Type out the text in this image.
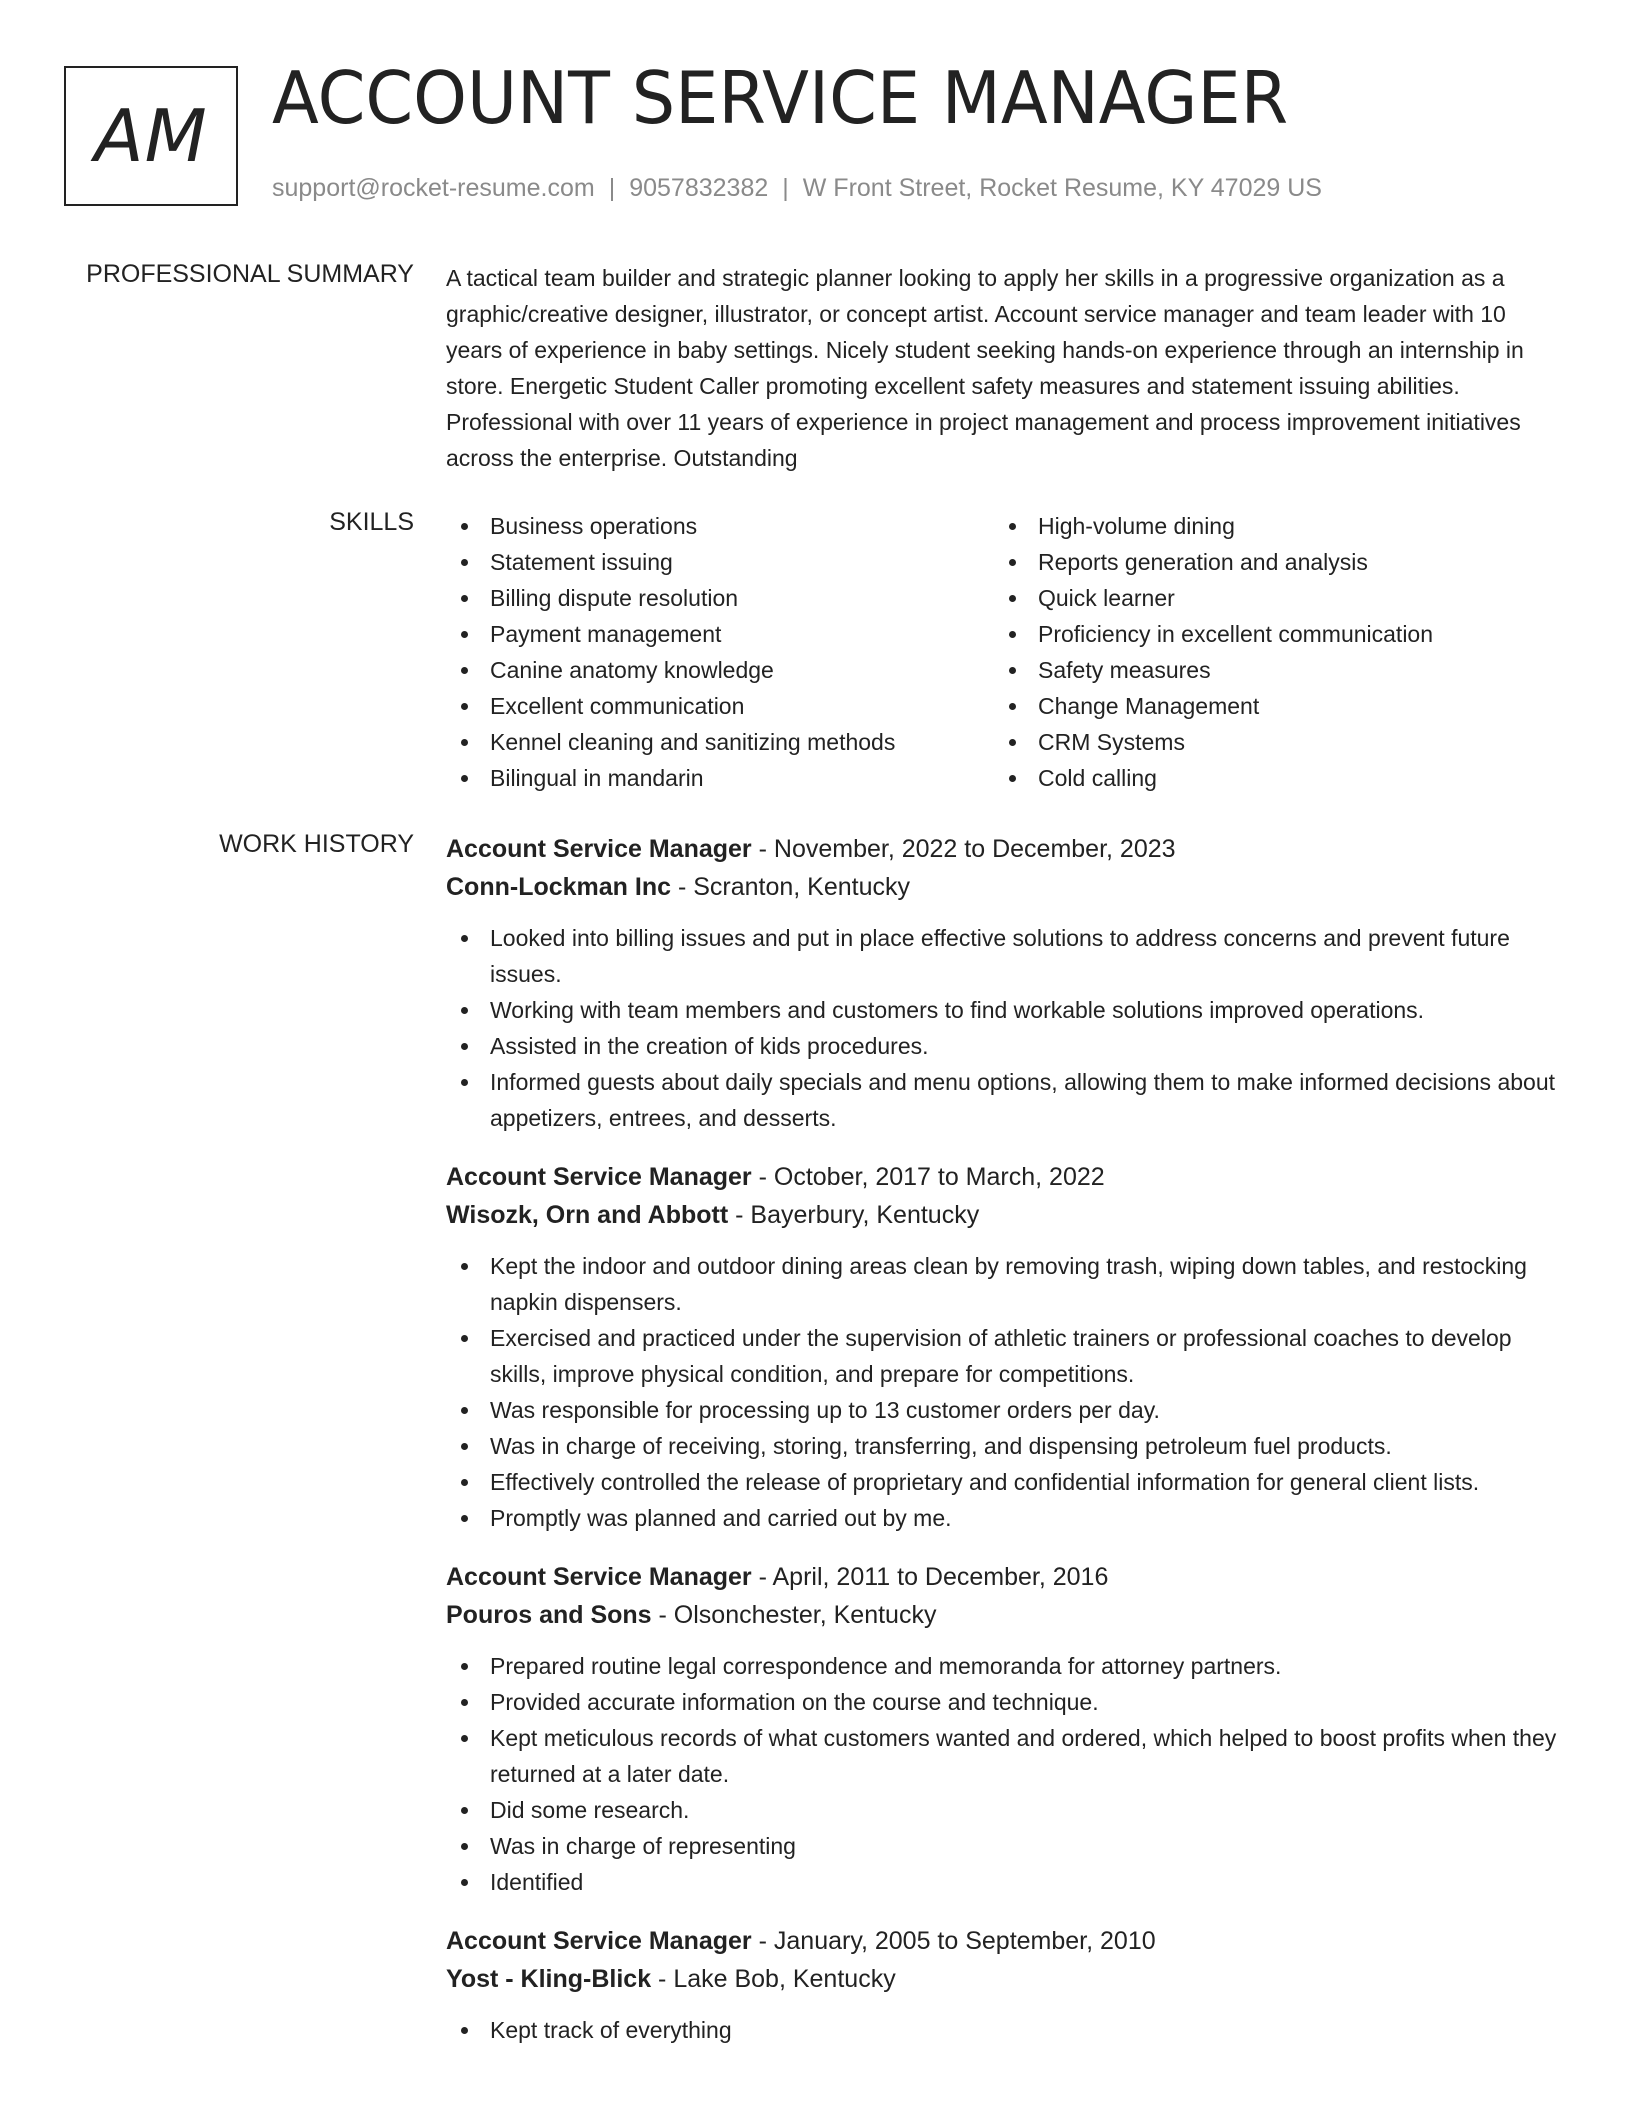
AM ACCOUNT SERVICE MANAGER
support@rocket-resume.com | 9057832382 | W Front Street, Rocket Resume, KY 47029 US
PROFESSIONAL SUMMARY A tactical team builder and strategic planner looking to apply her skills in a progressive organization as a graphic/creative designer, illustrator, or concept artist. Account service manager and team leader with 10 years of experience in baby settings. Nicely student seeking hands-on experience through an internship in store. Energetic Student Caller promoting excellent safety measures and statement issuing abilities. Professional with over 11 years of experience in project management and process improvement initiatives across the enterprise. Outstanding

SKILLS	Business operations
Statement issuing
Billing dispute resolution
Payment management
Canine anatomy knowledge
Excellent communication
Kennel cleaning and sanitizing methods
Bilingual in mandarin
High-volume dining
Reports generation and analysis
Quick learner
Proficiency in excellent communication
Safety measures
Change Management
CRM Systems
Cold calling
WORK HISTORY Account Service Manager - November, 2022 to December, 2023
Conn-Lockman Inc - Scranton, Kentucky
Looked into billing issues and put in place effective solutions to address concerns and prevent future issues.
Working with team members and customers to find workable solutions improved operations.
Assisted in the creation of kids procedures.
Informed guests about daily specials and menu options, allowing them to make informed decisions about appetizers, entrees, and desserts.
Account Service Manager - October, 2017 to March, 2022
Wisozk, Orn and Abbott - Bayerbury, Kentucky
Kept the indoor and outdoor dining areas clean by removing trash, wiping down tables, and restocking napkin dispensers.
Exercised and practiced under the supervision of athletic trainers or professional coaches to develop skills, improve physical condition, and prepare for competitions.
Was responsible for processing up to 13 customer orders per day.
Was in charge of receiving, storing, transferring, and dispensing petroleum fuel products.
Effectively controlled the release of proprietary and confidential information for general client lists.
Promptly was planned and carried out by me.
Account Service Manager - April, 2011 to December, 2016
Pouros and Sons - Olsonchester, Kentucky
Prepared routine legal correspondence and memoranda for attorney partners.
Provided accurate information on the course and technique.
Kept meticulous records of what customers wanted and ordered, which helped to boost profits when they returned at a later date.
Did some research.
Was in charge of representing
Identified
Account Service Manager - January, 2005 to September, 2010
Yost - Kling-Blick - Lake Bob, Kentucky
Kept track of everything
